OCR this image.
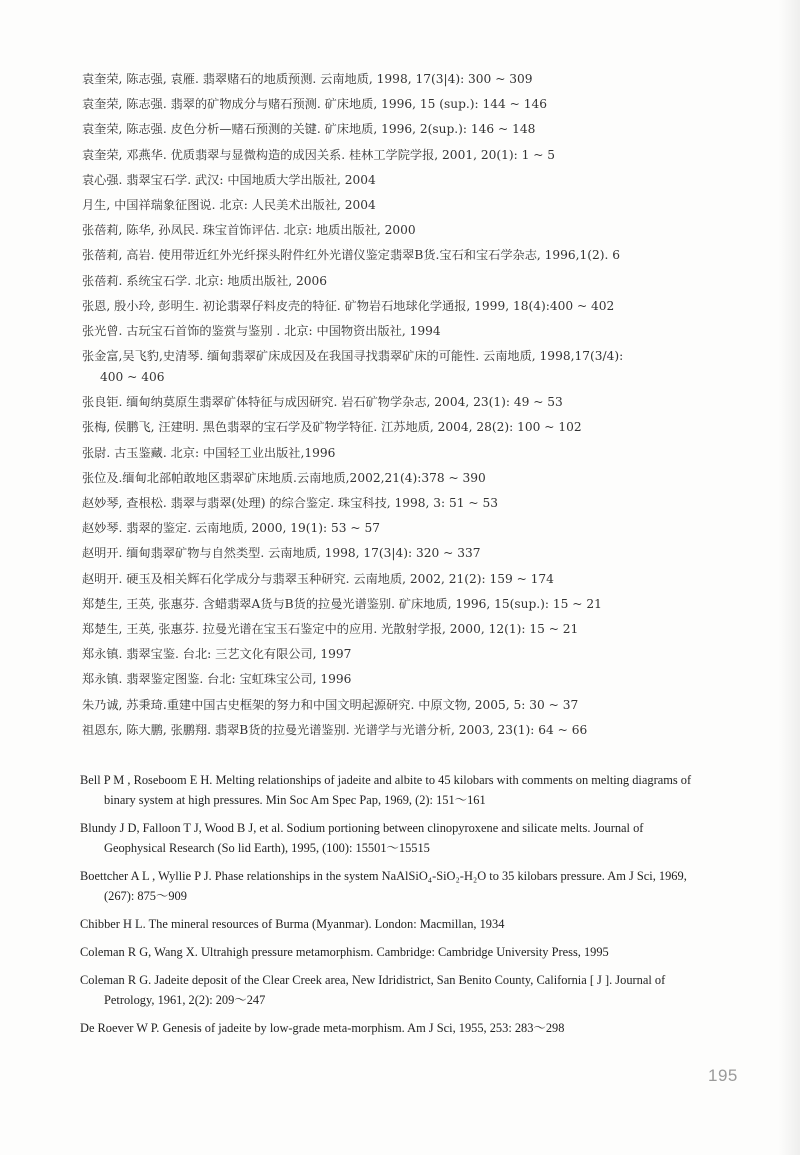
袁奎荣, 陈志强, 袁雁. 翡翠赌石的地质预测. 云南地质, 1998, 17(3|4): 300 ~ 309
袁奎荣, 陈志强. 翡翠的矿物成分与赌石预测. 矿床地质, 1996, 15 (sup.): 144 ~ 146
袁奎荣, 陈志强. 皮色分析—赌石预测的关键. 矿床地质, 1996, 2(sup.): 146 ~ 148
袁奎荣, 邓燕华. 优质翡翠与显微构造的成因关系. 桂林工学院学报, 2001, 20(1): 1 ~ 5
袁心强. 翡翠宝石学. 武汉: 中国地质大学出版社, 2004
月生, 中国祥瑞象征图说. 北京: 人民美术出版社, 2004
张蓓莉, 陈华, 孙凤民. 珠宝首饰评估. 北京: 地质出版社, 2000
张蓓莉, 高岩. 使用带近红外光纤探头附件红外光谱仪鉴定翡翠B货.宝石和宝石学杂志, 1996,1(2). 6
张蓓莉. 系统宝石学. 北京: 地质出版社, 2006
张恩, 殷小玲, 彭明生. 初论翡翠仔料皮壳的特征. 矿物岩石地球化学通报, 1999, 18(4):400 ~ 402
张光曾. 古玩宝石首饰的鉴赏与鉴别 . 北京: 中国物资出版社, 1994
张金富,吴飞豹,史清琴. 缅甸翡翠矿床成因及在我国寻找翡翠矿床的可能性. 云南地质, 1998,17(3/4):
400 ~ 406
张良钜. 缅甸纳莫原生翡翠矿体特征与成因研究. 岩石矿物学杂志, 2004, 23(1): 49 ~ 53
张梅, 侯鹏飞, 汪建明. 黑色翡翠的宝石学及矿物学特征. 江苏地质, 2004, 28(2): 100 ~ 102
张尉. 古玉鉴藏. 北京: 中国轻工业出版社,1996
张位及.缅甸北部帕敢地区翡翠矿床地质.云南地质,2002,21(4):378 ~ 390
赵妙琴, 查根松. 翡翠与翡翠(处理) 的综合鉴定. 珠宝科技, 1998, 3: 51 ~ 53
赵妙琴. 翡翠的鉴定. 云南地质, 2000, 19(1): 53 ~ 57
赵明开. 缅甸翡翠矿物与自然类型. 云南地质, 1998, 17(3|4): 320 ~ 337
赵明开. 硬玉及相关辉石化学成分与翡翠玉种研究. 云南地质, 2002, 21(2): 159 ~ 174
郑楚生, 王英, 张惠芬. 含蜡翡翠A货与B货的拉曼光谱鉴别. 矿床地质, 1996, 15(sup.): 15 ~ 21
郑楚生, 王英, 张惠芬. 拉曼光谱在宝玉石鉴定中的应用. 光散射学报, 2000, 12(1): 15 ~ 21
郑永镇. 翡翠宝鉴. 台北: 三艺文化有限公司, 1997
郑永镇. 翡翠鉴定图鉴. 台北: 宝虹珠宝公司, 1996
朱乃诚, 苏秉琦.重建中国古史框架的努力和中国文明起源研究. 中原文物, 2005, 5: 30 ~ 37
祖恩东, 陈大鹏, 张鹏翔. 翡翠B货的拉曼光谱鉴别. 光谱学与光谱分析, 2003, 23(1): 64 ~ 66
Bell P M , Roseboom E H. Melting relationships of jadeite and albite to 45 kilobars with comments on melting diagrams of binary system at high pressures. Min Soc Am Spec Pap, 1969, (2): 151～161
Blundy J D, Falloon T J, Wood B J, et al. Sodium portioning between clinopyroxene and silicate melts. Journal of Geophysical Research (So lid Earth), 1995, (100): 15501～15515
Boettcher A L , Wyllie P J. Phase relationships in the system NaAlSiO₄-SiO₂-H₂O to 35 kilobars pressure. Am J Sci, 1969, (267): 875～909
Chibber H L. The mineral resources of Burma (Myanmar). London: Macmillan, 1934
Coleman R G, Wang X. Ultrahigh pressure metamorphism. Cambridge: Cambridge University Press, 1995
Coleman R G. Jadeite deposit of the Clear Creek area, New Idridistrict, San Benito County, California [ J ]. Journal of Petrology, 1961, 2(2): 209～247
De Roever W P. Genesis of jadeite by low-grade meta-morphism. Am J Sci, 1955, 253: 283～298
195
